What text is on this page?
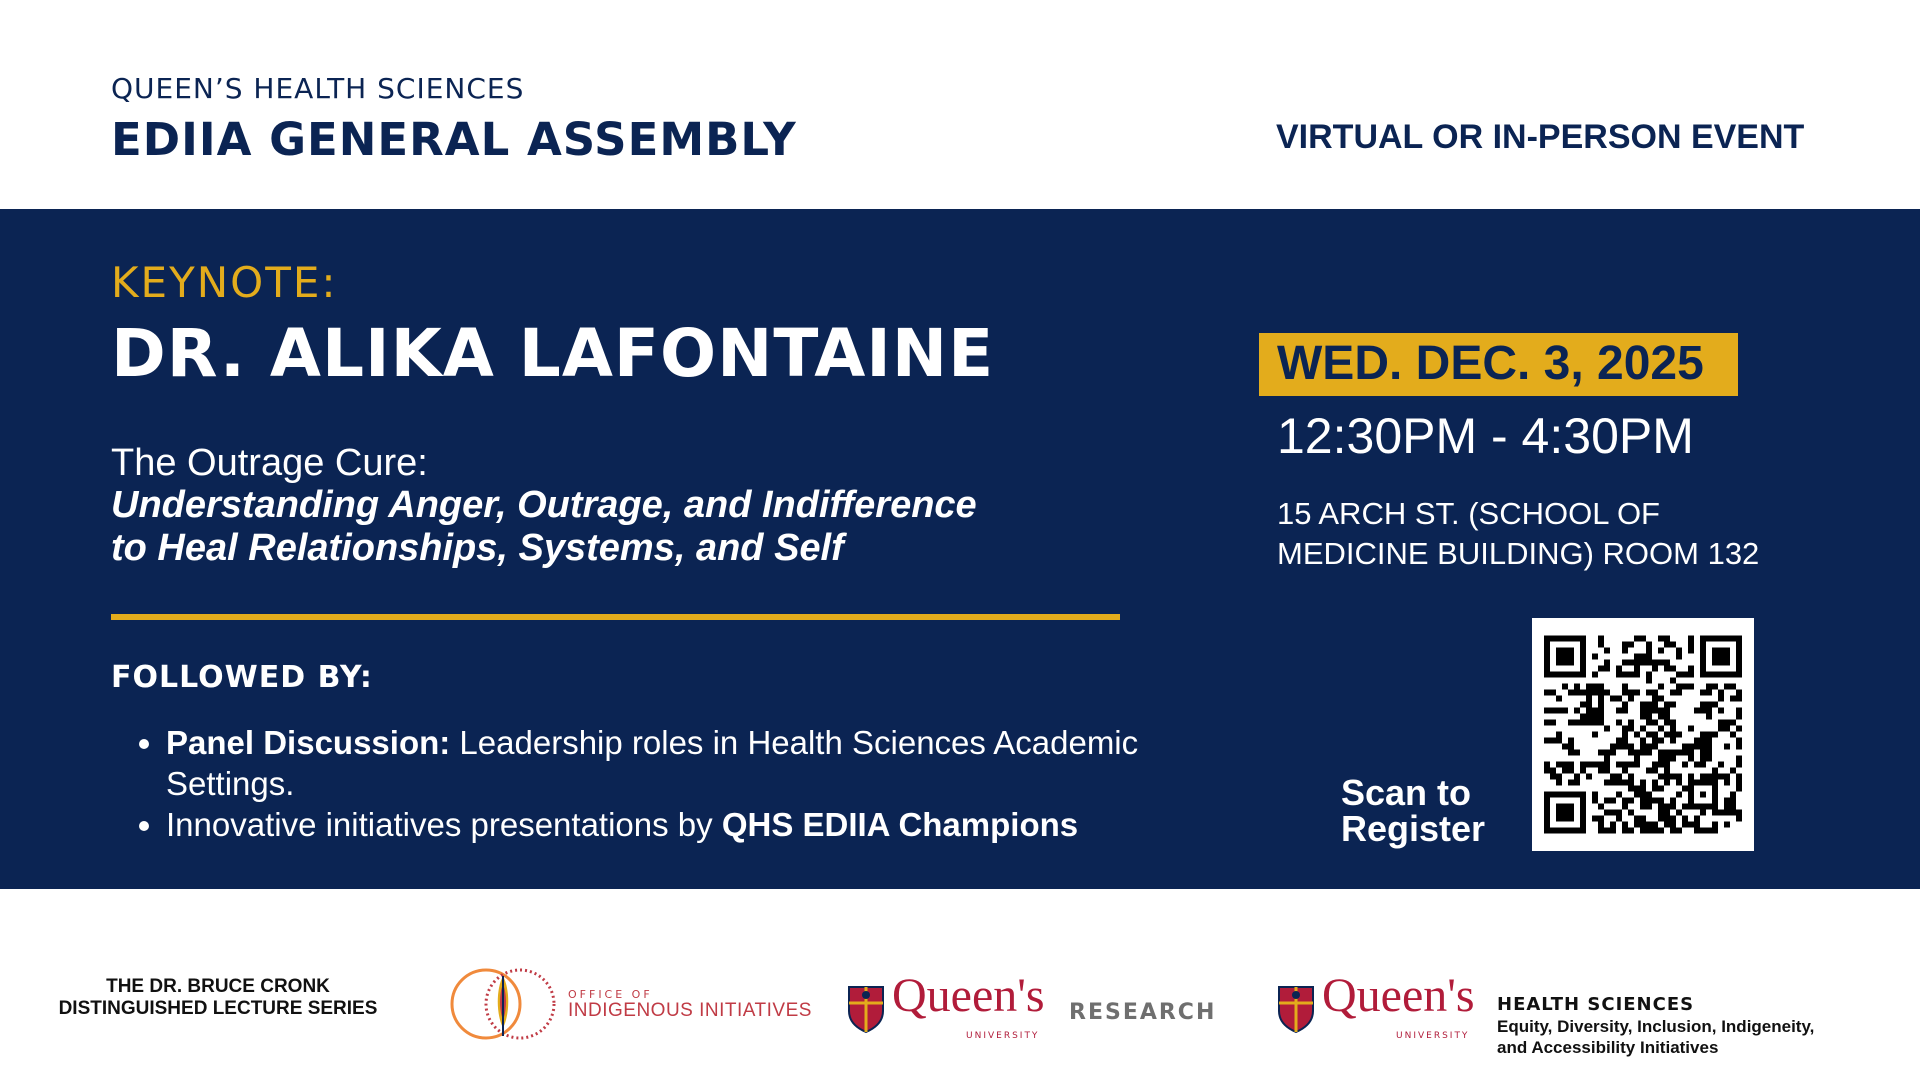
QUEEN’S HEALTH SCIENCES
EDIIA GENERAL ASSEMBLY	VIRTUAL OR IN-PERSON EVENT
KEYNOTE:
DR. ALIKA LAFONTAINE
The Outrage Cure:
Understanding Anger, Outrage, and Indifference
to Heal Relationships, Systems, and Self
FOLLOWED BY:
• Panel Discussion: Leadership roles in Health Sciences Academic Settings.
• Innovative initiatives presentations by QHS EDIIA Champions
WED. DEC. 3, 2025
12:30PM - 4:30PM
15 ARCH ST. (SCHOOL OF
MEDICINE BUILDING) ROOM 132
Scan to
Register
THE DR. BRUCE CRONK
DISTINGUISHED LECTURE SERIES
OFFICE OF
INDIGENOUS INITIATIVES Queen's
UNIVERSITY
RESEARCH Queen's
UNIVERSITY
HEALTH SCIENCES
Equity, Diversity, Inclusion, Indigeneity,
and Accessibility Initiatives
